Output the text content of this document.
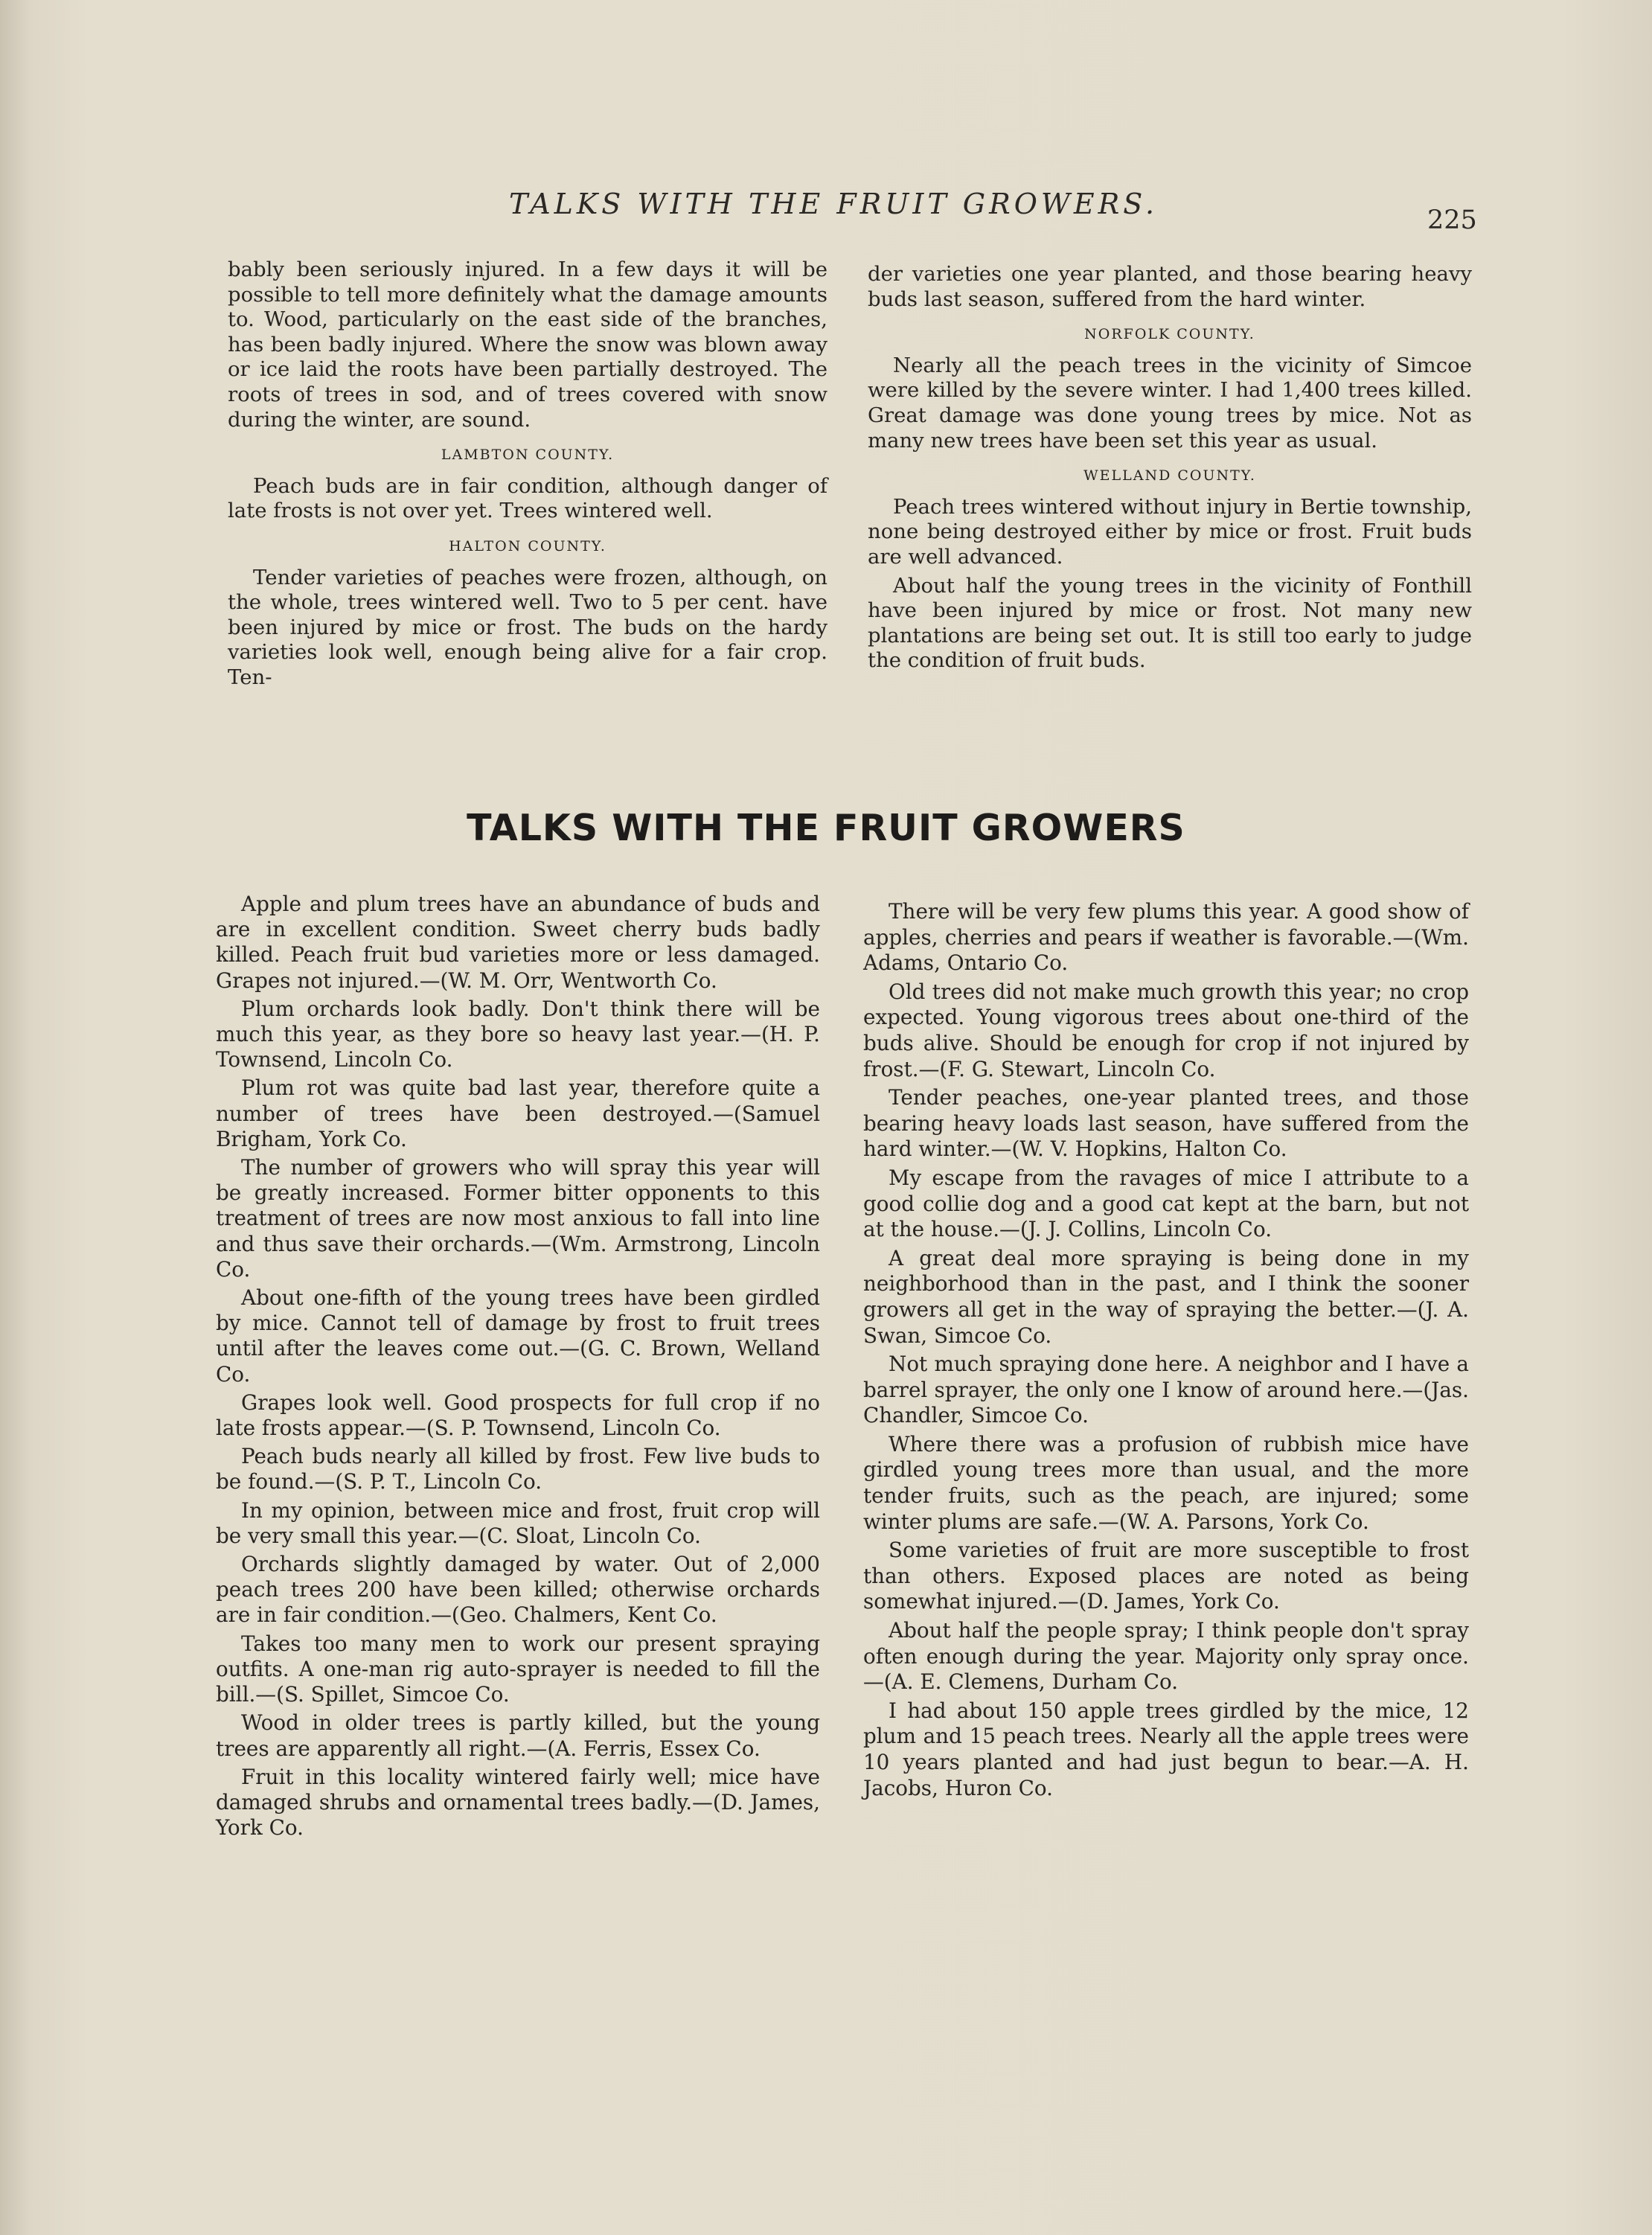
TALKS WITH THE FRUIT GROWERS.	225

bably been seriously injured. In a few days it will be possible to tell more definitely what the damage amounts to. Wood, particularly on the east side of the branches, has been badly injured. Where the snow was blown away or ice laid the roots have been partially destroyed. The roots of trees in sod, and of trees covered with snow during the winter, are sound.

LAMBTON COUNTY.

Peach buds are in fair condition, although danger of late frosts is not over yet. Trees wintered well.

HALTON COUNTY.

Tender varieties of peaches were frozen, although, on the whole, trees wintered well. Two to 5 per cent. have been injured by mice or frost. The buds on the hardy varieties look well, enough being alive for a fair crop. Ten-

der varieties one year planted, and those bearing heavy buds last season, suffered from the hard winter.

NORFOLK COUNTY.

Nearly all the peach trees in the vicinity of Simcoe were killed by the severe winter. I had 1,400 trees killed. Great damage was done young trees by mice. Not as many new trees have been set this year as usual.

WELLAND COUNTY.

Peach trees wintered without injury in Bertie township, none being destroyed either by mice or frost. Fruit buds are well advanced.

About half the young trees in the vicinity of Fonthill have been injured by mice or frost. Not many new plantations are being set out. It is still too early to judge the condition of fruit buds.

TALKS WITH THE FRUIT GROWERS

Apple and plum trees have an abundance of buds and are in excellent condition. Sweet cherry buds badly killed. Peach fruit bud varieties more or less damaged. Grapes not injured.—(W. M. Orr, Wentworth Co.

Plum orchards look badly. Don't think there will be much this year, as they bore so heavy last year.—(H. P. Townsend, Lincoln Co.

Plum rot was quite bad last year, therefore quite a number of trees have been destroyed.—(Samuel Brigham, York Co.

The number of growers who will spray this year will be greatly increased. Former bitter opponents to this treatment of trees are now most anxious to fall into line and thus save their orchards.—(Wm. Armstrong, Lincoln Co.

About one-fifth of the young trees have been girdled by mice. Cannot tell of damage by frost to fruit trees until after the leaves come out.—(G. C. Brown, Welland Co.

Grapes look well. Good prospects for full crop if no late frosts appear.—(S. P. Townsend, Lincoln Co.

Peach buds nearly all killed by frost. Few live buds to be found.—(S. P. T., Lincoln Co.

In my opinion, between mice and frost, fruit crop will be very small this year.—(C. Sloat, Lincoln Co.

Orchards slightly damaged by water. Out of 2,000 peach trees 200 have been killed; otherwise orchards are in fair condition.—(Geo. Chalmers, Kent Co.

Takes too many men to work our present spraying outfits. A one-man rig auto-sprayer is needed to fill the bill.—(S. Spillet, Simcoe Co.

Wood in older trees is partly killed, but the young trees are apparently all right.—(A. Ferris, Essex Co.

Fruit in this locality wintered fairly well; mice have damaged shrubs and ornamental trees badly.—(D. James, York Co.

There will be very few plums this year. A good show of apples, cherries and pears if weather is favorable.—(Wm. Adams, Ontario Co.

Old trees did not make much growth this year; no crop expected. Young vigorous trees about one-third of the buds alive. Should be enough for crop if not injured by frost.—(F. G. Stewart, Lincoln Co.

Tender peaches, one-year planted trees, and those bearing heavy loads last season, have suffered from the hard winter.—(W. V. Hopkins, Halton Co.

My escape from the ravages of mice I attribute to a good collie dog and a good cat kept at the barn, but not at the house.—(J. J. Collins, Lincoln Co.

A great deal more spraying is being done in my neighborhood than in the past, and I think the sooner growers all get in the way of spraying the better.—(J. A. Swan, Simcoe Co.

Not much spraying done here. A neighbor and I have a barrel sprayer, the only one I know of around here.—(Jas. Chandler, Simcoe Co.

Where there was a profusion of rubbish mice have girdled young trees more than usual, and the more tender fruits, such as the peach, are injured; some winter plums are safe.—(W. A. Parsons, York Co.

Some varieties of fruit are more susceptible to frost than others. Exposed places are noted as being somewhat injured.—(D. James, York Co.

About half the people spray; I think people don't spray often enough during the year. Majority only spray once.—(A. E. Clemens, Durham Co.

I had about 150 apple trees girdled by the mice, 12 plum and 15 peach trees. Nearly all the apple trees were 10 years planted and had just begun to bear.—A. H. Jacobs, Huron Co.
